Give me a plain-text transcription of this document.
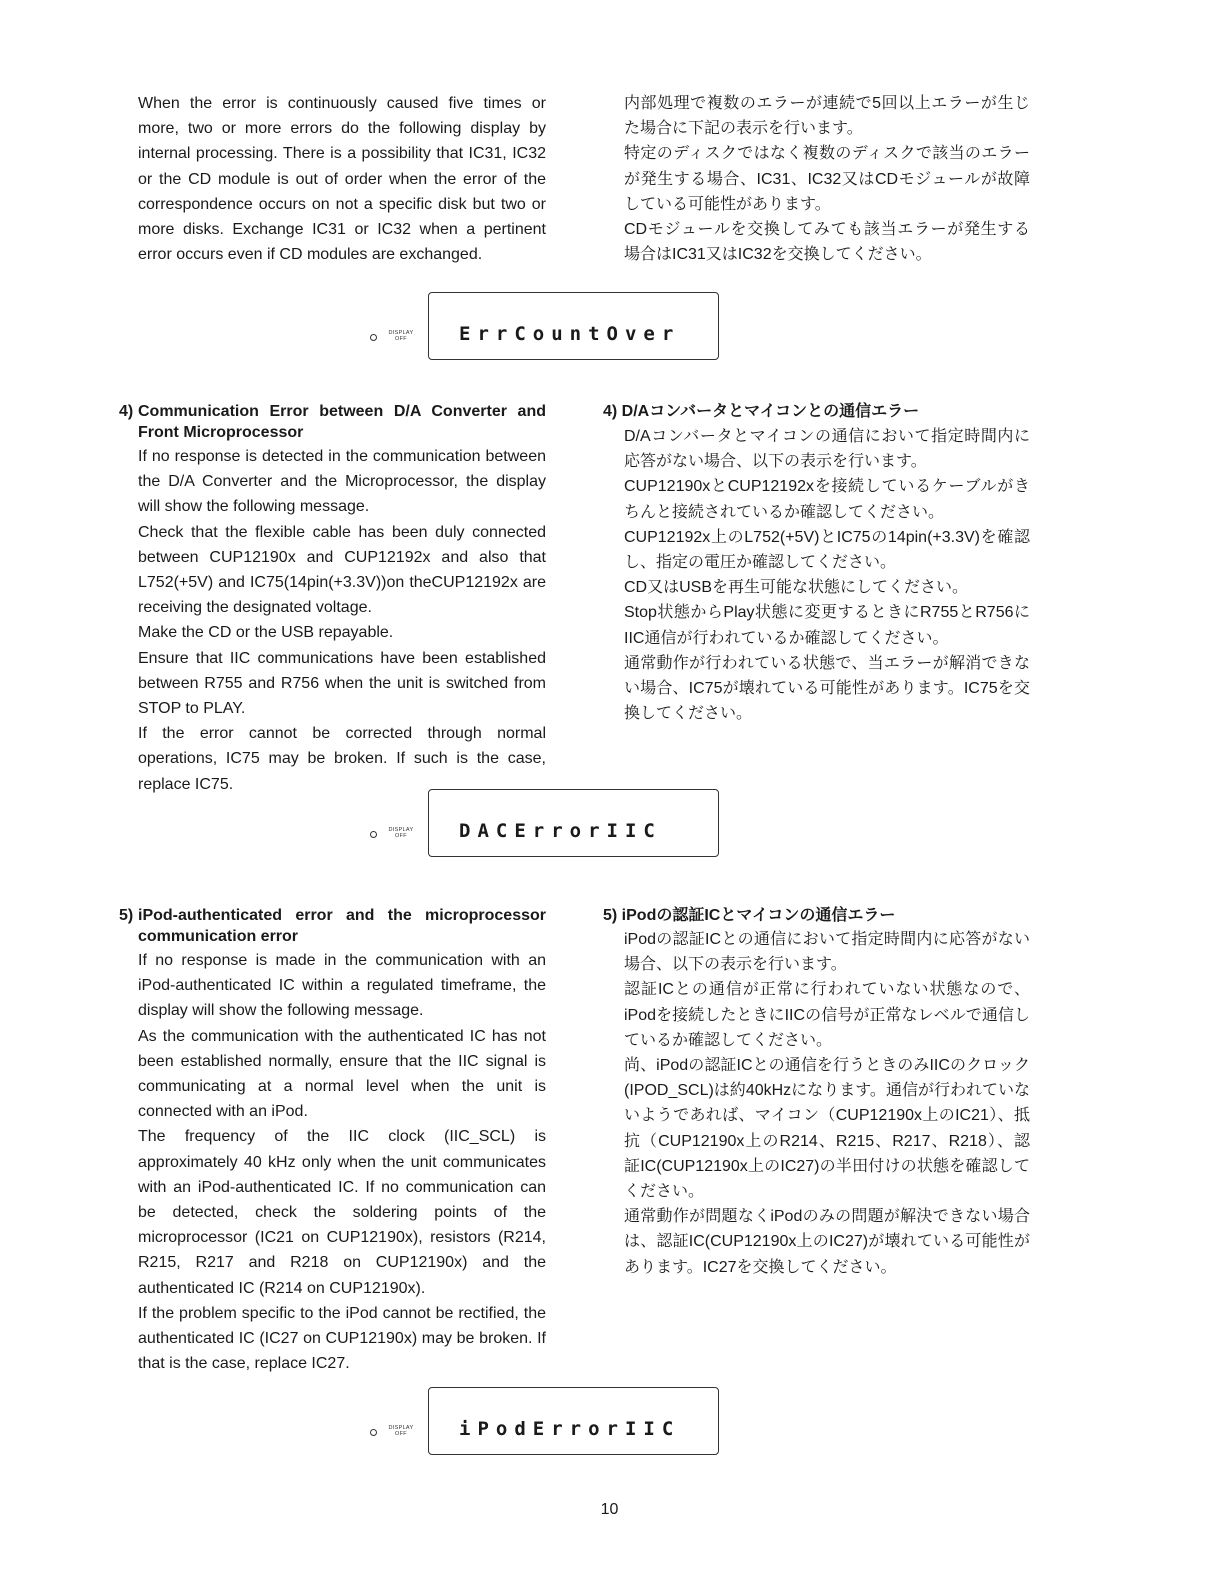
When the error is continuously caused five times or more, two or more errors do the following display by internal processing. There is a possibility that IC31, IC32 or the CD module is out of order when the error of the correspondence occurs on not a specific disk but two or more disks. Exchange IC31 or IC32 when a pertinent error occurs even if CD modules are exchanged.

内部処理で複数のエラーが連続で5回以上エラーが生じた場合に下記の表示を行います。

特定のディスクではなく複数のディスクで該当のエラーが発生する場合、IC31、IC32又はCDモジュールが故障している可能性があります。

CDモジュールを交換してみても該当エラーが発生する場合はIC31又はIC32を交換してください。

DISPLAY
OFF	ErrCountOver
4) Communication Error between D/A Converter and Front Microprocessor
4) D/Aコンバータとマイコンとの通信エラー

If no response is detected in the communication between the D/A Converter and the Microprocessor, the display will show the following message.

Check that the flexible cable has been duly connected between CUP12190x and CUP12192x and also that L752(+5V) and IC75(14pin(+3.3V))on theCUP12192x are receiving the designated voltage.

Make the CD or the USB repayable.

Ensure that IIC communications have been established between R755 and R756 when the unit is switched from STOP to PLAY.

If the error cannot be corrected through normal operations, IC75 may be broken. If such is the case, replace IC75.

D/Aコンバータとマイコンの通信において指定時間内に応答がない場合、以下の表示を行います。

CUP12190xとCUP12192xを接続しているケーブルがきちんと接続されているか確認してください。

CUP12192x上のL752(+5V)とIC75の14pin(+3.3V)を確認し、指定の電圧か確認してください。

CD又はUSBを再生可能な状態にしてください。

Stop状態からPlay状態に変更するときにR755とR756にIIC通信が行われているか確認してください。

通常動作が行われている状態で、当エラーが解消できない場合、IC75が壊れている可能性があります。IC75を交換してください。

DISPLAY
OFF	DACErrorIIC
5) iPod-authenticated error and the microprocessor communication error
5) iPodの認証ICとマイコンの通信エラー

If no response is made in the communication with an iPod-authenticated IC within a regulated timeframe, the display will show the following message.

As the communication with the authenticated IC has not been established normally, ensure that the IIC signal is communicating at a normal level when the unit is connected with an iPod.

The frequency of the IIC clock (IIC_SCL) is approximately 40 kHz only when the unit communicates with an iPod-authenticated IC. If no communication can be detected, check the soldering points of the microprocessor (IC21 on CUP12190x), resistors (R214, R215, R217 and R218 on CUP12190x) and the authenticated IC (R214 on CUP12190x).

If the problem specific to the iPod cannot be rectified, the authenticated IC (IC27 on CUP12190x) may be broken. If that is the case, replace IC27.

iPodの認証ICとの通信において指定時間内に応答がない場合、以下の表示を行います。

認証ICとの通信が正常に行われていない状態なので、iPodを接続したときにIICの信号が正常なレベルで通信しているか確認してください。

尚、iPodの認証ICとの通信を行うときのみIICのクロック(IPOD_SCL)は約40kHzになります。通信が行われていないようであれば、マイコン（CUP12190x上のIC21）、抵抗（CUP12190x上のR214、R215、R217、R218）、認証IC(CUP12190x上のIC27)の半田付けの状態を確認してください。

通常動作が問題なくiPodのみの問題が解決できない場合は、認証IC(CUP12190x上のIC27)が壊れている可能性があります。IC27を交換してください。

DISPLAY
OFF	iPodErrorIIC
10
